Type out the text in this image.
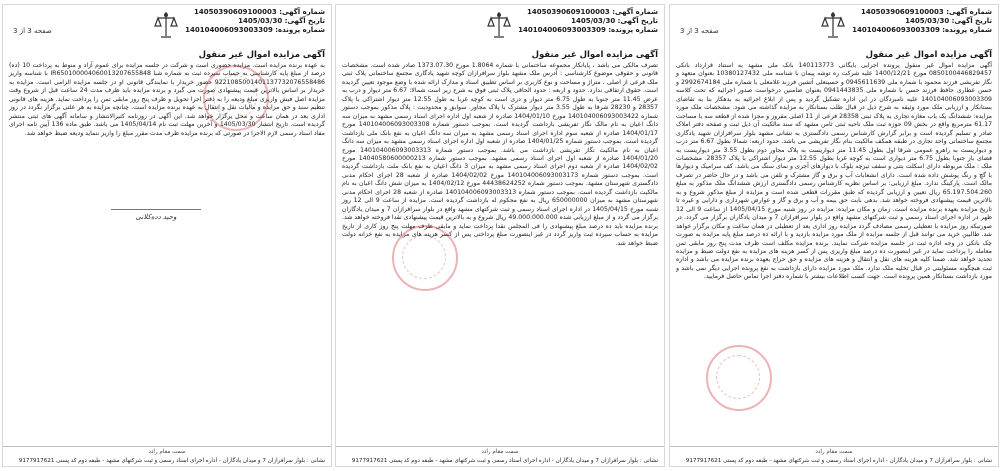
شماره آگهی: 14050390609100003
تاریخ آگهی: 1405/03/30
شماره پرونده: 140104006093003309
صفحه 3 از 3
آگهی مزایده اموال غیر منقول
آگهی مزایده اموال غیر منقول پرونده اجرایی بایگانی 140113773 بانک ملی مشهد به استناد قرارداد بانکی 0850100446829457 مورخ 1400/12/21 علیه شرکت ره توشه پیمان با شناسه ملی 10380127432 بعنوان متعهد و نگار تفریشی فرزند محمود با شماره ملی 0945611639 و حسینعلی آتشین فرزند غلامعلی با شماره ملی 2992674184 و حسن عطاری حافظ فرزند حسن با شماره ملی 0941443835 بعنوان ضامنین درخواست صدور اجرائیه که تحت کلاسه 140104006093003309 علیه نامبردگان در این اداره تشکیل گردید و پس از ابلاغ اجرائیه به بدهکار بنا به تقاضای بستانکار و ارزیابی ملک مورد وثیقه به شرح ذیل در قبال طلب بستانکار به مزایده گذاشته می شود. مشخصات ملک مورد مزایده: ششدانگ یک باب مغازه تجاری به پلاک ثبتی 28358 فرعی از 11 اصلی مفروز و مجزا شده از قطعه سه با مساحت 61.17 مترمربع واقع در بخش 09 حوزه ثبت ملک ناحیه ثبتی ثامن مشهد که سند مالکیت آن ذیل ثبت و صفحه دفتر املاک صادر و تسلیم گردیده است و برابر گزارش کارشناس رسمی دادگستری به نشانی مشهد بلوار سرافرازان شهید یادگاری مجتمع ساختمانی واحد تجاری در طبقه همکف مالکیت بنام نگار تفریشی می باشد. حدود اربعه: شمالا بطول 6.67 متر درب و دیواریست به راهرو عمومی شرقا اول بطول 11.45 متر دیواریست به پلاک مجاور دوم بطول 3.55 متر دیواریست به فضای باز جنوبا بطول 6.75 متر دیواری است به کوچه غربا بطول 12.55 متر دیوار اشتراکی با پلاک 28357. مشخصات ملک : ملک مربوطه دارای اسکلت بتنی و سقف تیرچه بلوک با دیوارهای آجری و نمای سنگ می باشد. کف سرامیک و دیوارها با گچ و رنگ پوشش داده شده است. دارای انشعابات آب و برق و گاز مشترک و تلفن می باشد و در حال حاضر در تصرف مالک است. پارکینگ ندارد. مبلغ ارزیابی: بر اساس نظریه کارشناس رسمی دادگستری ارزش ششدانگ ملک مذکور به مبلغ 65.197.504.260 ریال تعیین و ارزیابی گردیده که طبق مقررات قطعی شده است و مزایده از مبلغ مذکور شروع و به بالاترین قیمت پیشنهادی فروخته خواهد شد. بدهی بابت حق بیمه و آب و برق و گاز و عوارض شهرداری و دارایی و غیره تا تاریخ مزایده بعهده برنده مزایده است. زمان و مکان مزایده: مزایده در روز شنبه مورخ 1405/04/15 از ساعت 9 الی 12 ظهر در اداره اجرای اسناد رسمی و ثبت شرکتهای مشهد واقع در بلوار سرافرازان 7 و میدان یادگاران برگزار می گردد. در صورتیکه روز مزایده با تعطیلی رسمی مصادف گردد مزایده روز اداری بعد از تعطیلی در همان ساعت و مکان برگزار خواهد شد. طالبین خرید می توانند قبل از جلسه مزایده از ملک مورد مزایده بازدید و با ارائه ده درصد مبلغ پایه مزایده به صورت چک بانکی در وجه اداره ثبت در جلسه مزایده شرکت نمایند. برنده مزایده مکلف است ظرف مدت پنج روز مابقی ثمن معامله را پرداخت نماید در غیر اینصورت ده درصد مبلغ واریزی پس از کسر هزینه های مزایده به نفع دولت ضبط و مزایده تجدید خواهد شد. ضمنا کلیه هزینه های نقل و انتقال و هزینه های مزایده و حق حراج بعهده برنده مزایده می باشد و اداره ثبت هیچگونه مسئولیتی در قبال تخلیه ملک ندارد. ملک مورد مزایده دارای بازداشت به نفع پرونده اجرایی دیگر نمی باشد و مورد بازداشت بستانکار همین پرونده است. جهت کسب اطلاعات بیشتر با شماره دفتر اجرا تماس حاصل فرمایید.
سمت مقام رادد
نشانی : بلوار سرافرازان 7 و میدان یادگاران - اداره اجرای اسناد رسمی و ثبت شرکتهای مشهد - طبقه دوم کد پستی 9177917621
شماره آگهی: 14050390609100003
تاریخ آگهی: 1405/03/30
شماره پرونده: 140104006093003309
آگهی مزایده اموال غیر منقول
تصرف مالکی می باشد ، پایانکار مجموعه ساختمانی با شماره 1.8064 مورخ 1373.07.30 صادر شده است. مشخصات قانونی و حقوقی موضوع کارشناسی : آدرس ملک مشهد بلوار سرافرازان کوچه شهید یادگاری مجتمع ساختمانی پلاک ثبتی ملک فرعی از اصلی ، متراژ و مساحت و نوع کاربری بر اساس تطبیق اسناد و مدارک ارائه شده با وضع موجود تعیین گردیده است. حقوق ارتفاقی ندارد. حدود و اربعه : حدود الحاقی پلاک ثبتی فوق به شرح زیر است شمالا: 6.67 متر دیوار و درب به عرض 11.45 متر جنوبا به طول 6.75 متر دیوار و دری است به کوچه غربا به طول 12.55 متر دیوار اشتراکی با پلاک 28357 و 28230 شرقا به طول 3.55 متر دیوار مشترک با پلاک مجاور. سوابق و محدودیت : پلاک مذکور بموجب دستور شماره 140104006093003422 مورخ 1404/01/10 صادره از شعبه اول اداره اجرای اسناد رسمی مشهد به میزان سه دانگ اعیان به نام مالک نگار تفریشی بازداشت گردیده است. بموجب دستور شماره 140104006093003308 مورخ 1404/01/17 صادره از شعبه سوم اداره اجرای اسناد رسمی مشهد به میزان سه دانگ اعیان به نفع بانک ملی بازداشت گردیده است. بموجب دستور شماره 1404/01/25 صادره از شعبه اول اداره اجرای اسناد رسمی مشهد به میزان سه دانگ اعیان به نام مالکیت نگار تفریشی بازداشت می باشد. بموجب دستور شماره 140104006093003313 مورخ 1404/01/20 صادره از شعبه اول اجرای اسناد رسمی مشهد. بموجب دستور شماره 14040580600000213 مورخ 1404/02/02 صادره از شعبه دوم اجرای اسناد رسمی مشهد به میزان 3 دانگ اعیان به نفع بانک ملت بازداشت گردیده است. بموجب دستور شماره 140104006093003173 مورخ 1404/02/02 صادره از شعبه 28 اجرای احکام مدنی دادگستری شهرستان مشهد. بموجب دستور شماره 44438624252 مورخ 1404/02/12 به میزان شش دانگ اعیان به نام مالکیت بازداشت گردیده است. بموجب دستور شماره 140104006093003313 صادره از شعبه 28 اجرای احکام مدنی شهرستان مشهد به میزان 650000000 ریال به نفع محکوم له بازداشت گردیده است. مزایده از ساعت 9 الی 12 روز شنبه مورخ 1405/04/15 در اداره اجرای اسناد رسمی و ثبت شرکتهای مشهد واقع در بلوار سرافرازان 7 و میدان یادگاران برگزار می گردد و از مبلغ ارزیابی شده 49.000.000.000 ریال شروع و به بالاترین قیمت پیشنهادی نقدا فروخته خواهد شد. برنده مزایده باید ده درصد مبلغ پیشنهادی را فی المجلس نقدا پرداخت نماید و مابقی ظرف مهلت پنج روز کاری از تاریخ مزایده به حساب سپرده ثبت واریز گردد در غیر اینصورت مبلغ پرداختی پس از کسر هزینه های مزایده به نفع خزانه دولت ضبط خواهد شد.
سمت مقام رادد
نشانی : بلوار سرافرازان 7 و میدان یادگاران - اداره اجرای اسناد رسمی و ثبت شرکتهای مشهد - طبقه دوم کد پستی 9177917621
شماره آگهی: 14050390609100003
تاریخ آگهی: 1405/03/30
شماره پرونده: 140104006093003309
صفحه 3 از 3
آگهی مزایده اموال غیر منقول
به عهده برنده مزایده است. مزایده حضوری است و شرکت در جلسه مزایده برای عموم آزاد و منوط به پرداخت 10 (ده) درصد از مبلغ پایه کارشناسی به حساب سپرده ثبت به شماره شبا IR650100004060013207655848 با شناسه واریز 9221085001401137732076558486 حضور خریدار با نمایندگی قانونی او در جلسه مزایده الزامی است. مزایده به خریدار بر اساس بالاترین قیمت پیشنهادی صورت می گیرد و برنده مزایده باید ظرف مدت 24 ساعت قبل از شروع وقت مزایده اصل فیش واریزی مبلغ ودیعه را به دفتر اجرا تحویل و ظرف پنج روز مابقی ثمن را پرداخت نماید. هزینه های قانونی تنظیم سند و حق مزایده و مالیات نقل و انتقال به عهده برنده مزایده است. چنانچه مزایده به هر علتی برگزار نگردد در روز اداری بعد در همان ساعت و محل برگزار خواهد شد. این آگهی در روزنامه کثیرالانتشار و سامانه آگهی های ثبتی منتشر گردیده است. تاریخ انتشار 1405/03/30 و آخرین مهلت ثبت نام 1405/04/14 می باشد. طبق ماده 136 آیین نامه اجرای مفاد اسناد رسمی لازم الاجرا در صورتی که برنده مزایده ظرف مدت مقرر مبلغ را واریز ننماید ودیعه ضبط خواهد شد.
وحید دده‌کلانی
سمت مقام رادد
نشانی : بلوار سرافرازان 7 و میدان یادگاران - اداره اجرای اسناد رسمی و ثبت شرکتهای مشهد - طبقه دوم کد پستی 9177917621
